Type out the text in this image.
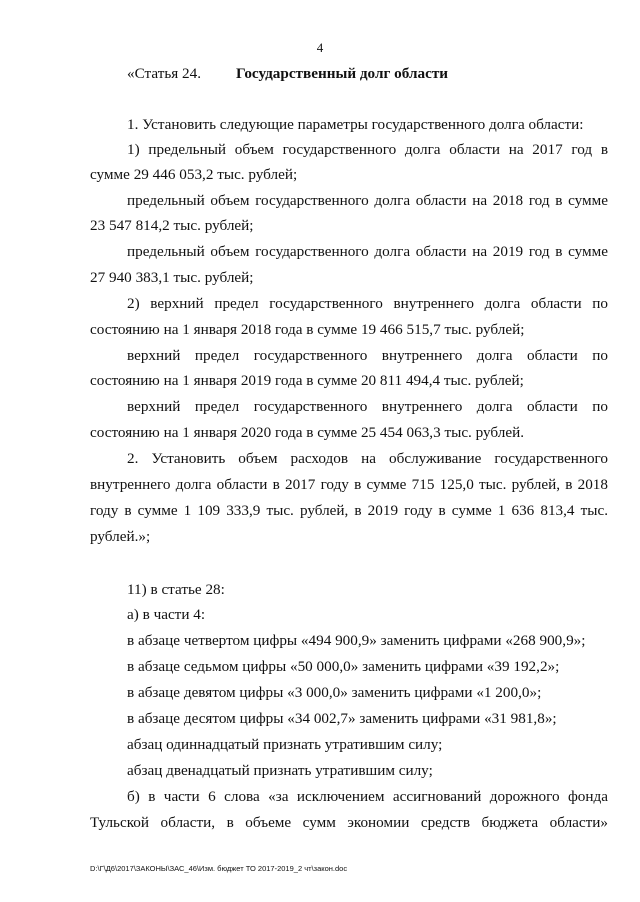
4
«Статья 24. Государственный долг области
1. Установить следующие параметры государственного долга области:
1) предельный объем государственного долга области на 2017 год в
сумме 29 446 053,2 тыс. рублей;
предельный объем государственного долга области на 2018 год в сумме
23 547 814,2 тыс. рублей;
предельный объем государственного долга области на 2019 год в сумме
27 940 383,1 тыс. рублей;
2) верхний предел государственного внутреннего долга области по
состоянию на 1 января 2018 года в сумме 19 466 515,7 тыс. рублей;
верхний предел государственного внутреннего долга области по
состоянию на 1 января 2019 года в сумме 20 811 494,4 тыс. рублей;
верхний предел государственного внутреннего долга области по
состоянию на 1 января 2020 года в сумме 25 454 063,3 тыс. рублей.
2. Установить объем расходов на обслуживание государственного
внутреннего долга области в 2017 году в сумме 715 125,0 тыс. рублей, в 2018
году в сумме 1 109 333,9 тыс. рублей, в 2019 году в сумме 1 636 813,4 тыс.
рублей.»;
11) в статье 28:
а) в части 4:
в абзаце четвертом цифры «494 900,9» заменить цифрами «268 900,9»;
в абзаце седьмом цифры «50 000,0» заменить цифрами «39 192,2»;
в абзаце девятом цифры «3 000,0» заменить цифрами «1 200,0»;
в абзаце десятом цифры «34 002,7» заменить цифрами «31 981,8»;
абзац одиннадцатый признать утратившим силу;
абзац двенадцатый признать утратившим силу;
б) в части 6 слова «за исключением ассигнований дорожного фонда
Тульской области, в объеме сумм экономии средств бюджета области»
D:\Г\Д6\2017\ЗАКОНЫ\ЗАС_46\Изм. бюджет ТО 2017-2019_2 чт\закон.doc
